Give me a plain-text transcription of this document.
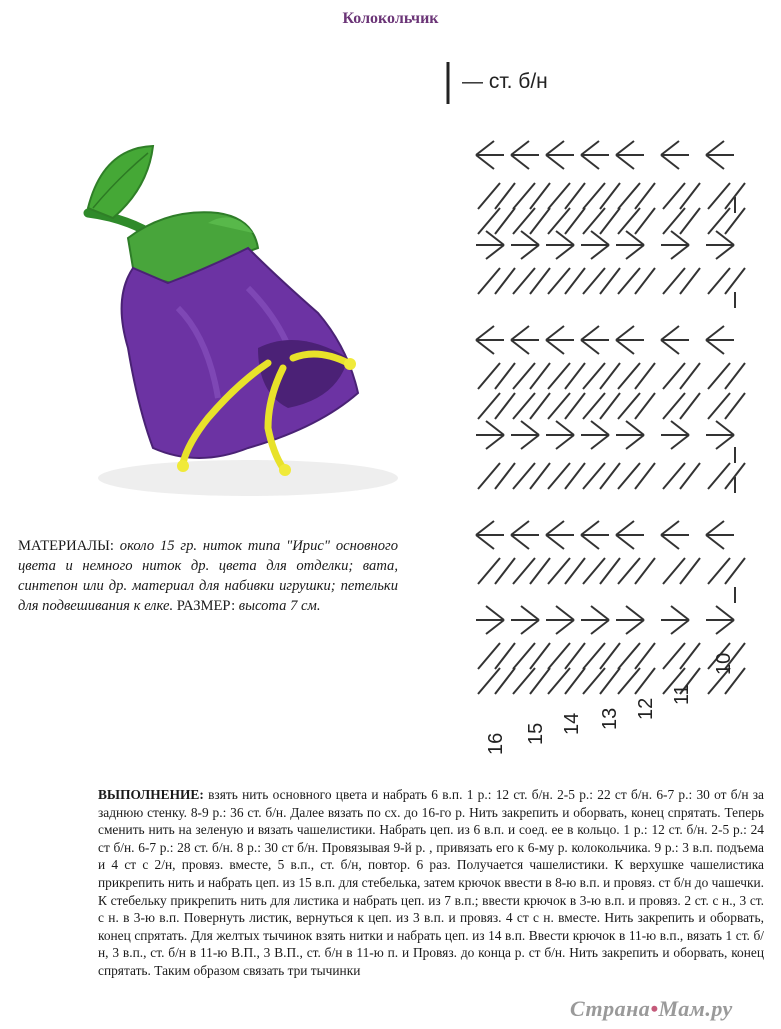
Колокольчик
МАТЕРИАЛЫ: около 15 гр. ниток типа "Ирис" основного цвета и немного ниток др. цвета для отделки; вата, синтепон или др. материал для набивки игрушки; петельки для подвешивания к елке. РАЗМЕР: высота 7 см.
— ст. б/н
16 15 14 13 12
11
10
ВЫПОЛНЕНИЕ: взять нить основного цвета и набрать 6 в.п. 1 р.: 12 ст. б/н. 2-5 р.: 22 ст б/н. 6-7 р.: 30 от б/н за заднюю стенку. 8-9 р.: 36 ст. б/н. Далее вязать по сх. до 16-го р. Нить закрепить и оборвать, конец спрятать. Теперь сменить нить на зеленую и вязать чашелистики. Набрать цеп. из 6 в.п. и соед. ее в кольцо. 1 р.: 12 ст. б/н. 2-5 р.: 24 ст б/н. 6-7 р.: 28 ст. б/н. 8 р.: 30 ст б/н. Провязывая 9-й р. , привязать его к 6-му р. колокольчика. 9 р.: 3 в.п. подъема и 4 ст с 2/н, провяз. вместе, 5 в.п., ст. б/н, повтор. 6 раз. Получается чашелистики. К верхушке чашелистика прикрепить нить и набрать цеп. из 15 в.п. для стебелька, затем крючок ввести в 8-ю в.п. и провяз. ст б/н до чашечки. К стебельку прикрепить нить для листика и набрать цеп. из 7 в.п.; ввести крючок в 3-ю в.п. и провяз. 2 ст. с н., 3 ст. с н. в 3-ю в.п. Повернуть листик, вернуться к цеп. из 3 в.п. и провяз. 4 ст с н. вместе. Нить закрепить и оборвать, конец спрятать. Для желтых тычинок взять нитки и набрать цеп. из 14 в.п. Ввести крючок в 11-ю в.п., вязать 1 ст. б/н, 3 в.п., ст. б/н в 11-ю В.П., 3 В.П., ст. б/н в 11-ю п. и Провяз. до конца р. ст б/н. Нить закрепить и оборвать, конец спрятать. Таким образом связать три тычинки
Страна•Мам.ру
